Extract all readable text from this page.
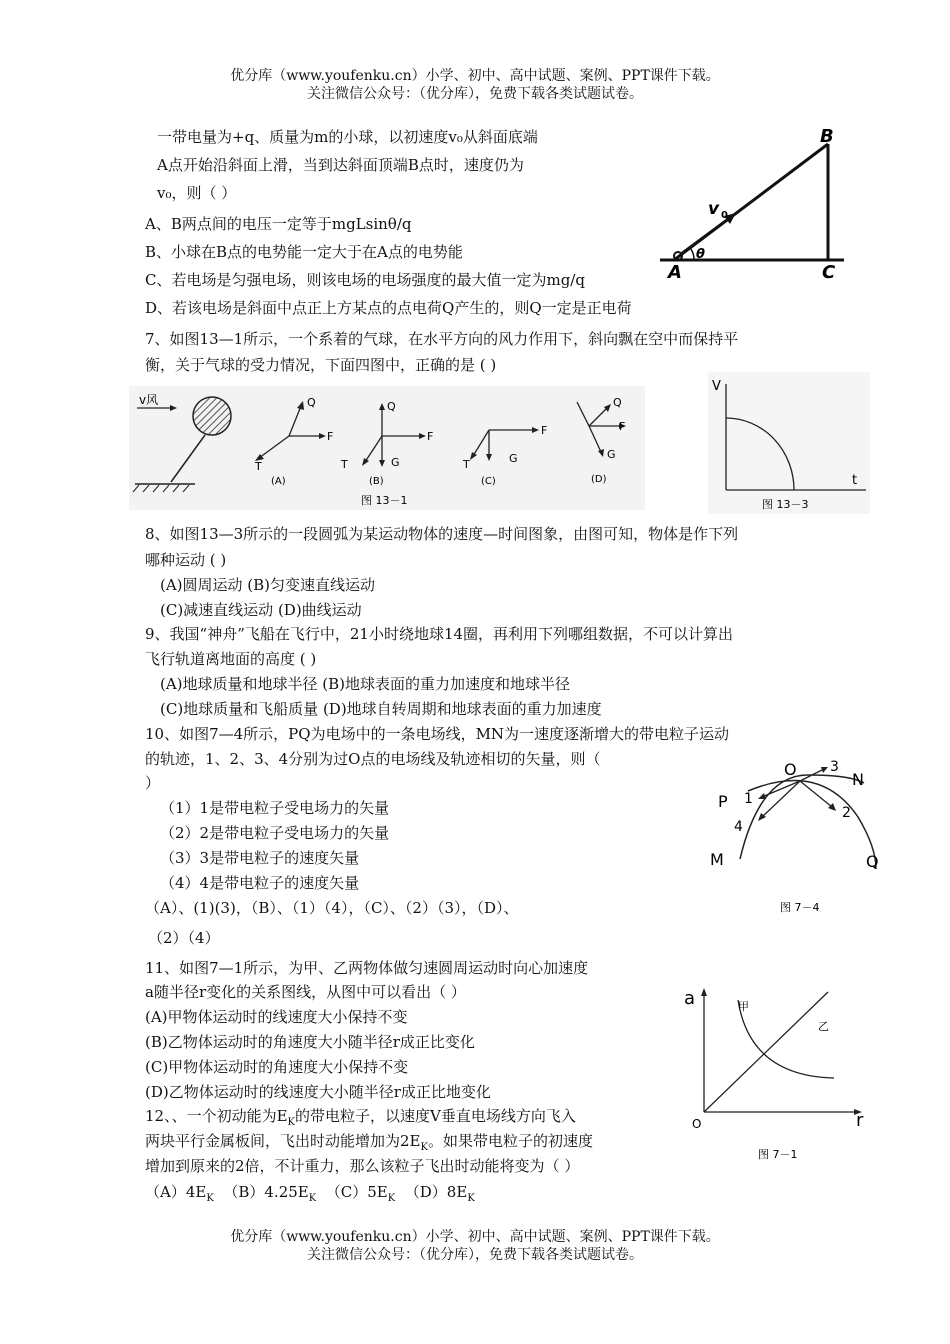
优分库（www.youfenku.cn）小学、初中、高中试题、案例、PPT课件下载。
关注微信公众号：（优分库），免费下载各类试题试卷。
一带电量为+q、质量为m的小球，以初速度v₀从斜面底端
A点开始沿斜面上滑，当到达斜面顶端B点时，速度仍为
v₀，则（ ）
A、B两点间的电压一定等于mgLsinθ/q
B、小球在B点的电势能一定大于在A点的电势能
C、若电场是匀强电场，则该电场的电场强度的最大值一定为mg/q
D、若该电场是斜面中点正上方某点的点电荷Q产生的，则Q一定是正电荷
B
A	C
v 0
θ
7、如图13—1所示，一个系着的气球，在水平方向的风力作用下，斜向飘在空中而保持平
衡，关于气球的受力情况，下面四图中，正确的是 ( )
v风	Q
F
T
(A)
Q
F
T	G
(B)
F
T	G
(C)
Q
F
G
(D)
图 13－1
V
t
图 13－3
8、如图13—3所示的一段圆弧为某运动物体的速度—时间图象，由图可知，物体是作下列
哪种运动 ( )
(A)圆周运动 (B)匀变速直线运动
(C)减速直线运动 (D)曲线运动
9、我国“神舟”飞船在飞行中，21小时绕地球14圈，再利用下列哪组数据，不可以计算出
飞行轨道离地面的高度 ( )
(A)地球质量和地球半径 (B)地球表面的重力加速度和地球半径
(C)地球质量和飞船质量 (D)地球自转周期和地球表面的重力加速度
10、如图7—4所示，PQ为电场中的一条电场线，MN为一速度逐渐增大的带电粒子运动
的轨迹，1、2、3、4分别为过O点的电场线及轨迹相切的矢量，则（
）
（1）1是带电粒子受电场力的矢量
（2）2是带电粒子受电场力的矢量
（3）3是带电粒子的速度矢量
（4）4是带电粒子的速度矢量
（A）、(1)(3)，（B）、（1）（4），（C）、（2）（3），（D）、
（2）（4）
O
N
3
P 1
2
4
M	Q
图 7－4
11、如图7—1所示，为甲、乙两物体做匀速圆周运动时向心加速度
a随半径r变化的关系图线，从图中可以看出（ ）
(A)甲物体运动时的线速度大小保持不变
(B)乙物体运动时的角速度大小随半径r成正比变化
(C)甲物体运动时的角速度大小保持不变
(D)乙物体运动时的线速度大小随半径r成正比地变化
a
r
O
甲
乙
图 7－1
12、、一个初动能为$E_K$的带电粒子，以速度V垂直电场线方向飞入
两块平行金属板间，飞出时动能增加为$2E_K$。如果带电粒子的初速度
增加到原来的2倍，不计重力，那么该粒子飞出时动能将变为（ ）
$(A)4E_K$ $(B)4.25E_K$ $(C)5E_K$ $(D)8E_K$
优分库（www.youfenku.cn）小学、初中、高中试题、案例、PPT课件下载。
关注微信公众号：（优分库），免费下载各类试题试卷。
